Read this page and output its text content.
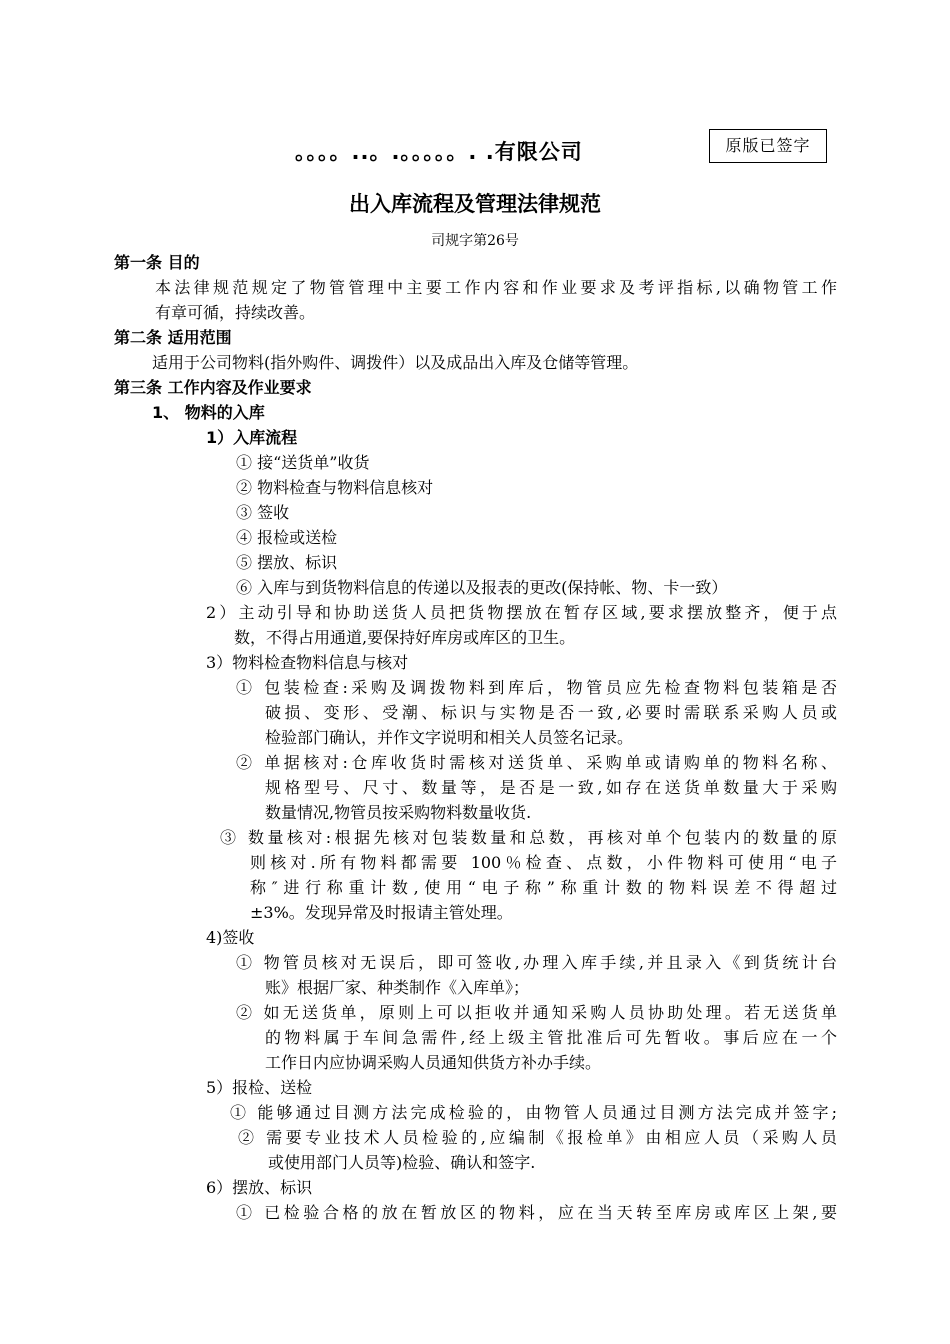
。。。。..。.。。。。。. .有限公司	原版已签字
出入库流程及管理法律规范
司规字第26号
第一条 目的
本法律规范规定了物管管理中主要工作内容和作业要求及考评指标,以确物管工作
有章可循，持续改善。
第二条 适用范围
适用于公司物料(指外购件、调拨件）以及成品出入库及仓储等管理。
第三条 工作内容及作业要求
1、 物料的入库
1）入库流程
① 接“送货单”收货
② 物料检查与物料信息核对
③ 签收
④ 报检或送检
⑤ 摆放、标识
⑥ 入库与到货物料信息的传递以及报表的更改(保持帐、物、卡一致）
2）主动引导和协助送货人员把货物摆放在暂存区域,要求摆放整齐，便于点
数，不得占用通道,要保持好库房或库区的卫生。
3）物料检查物料信息与核对
① 包装检查:采购及调拨物料到库后，物管员应先检查物料包装箱是否
破损、变形、受潮、标识与实物是否一致,必要时需联系采购人员或
检验部门确认，并作文字说明和相关人员签名记录。
② 单据核对:仓库收货时需核对送货单、采购单或请购单的物料名称、
规格型号、尺寸、数量等，是否是一致,如存在送货单数量大于采购
数量情况,物管员按采购物料数量收货.
③ 数量核对:根据先核对包装数量和总数，再核对单个包装内的数量的原
则核对.所有物料都需要 100％检查、点数，小件物料可使用“电子
称″进行称重计数,使用“电子称”称重计数的物料误差不得超过
±3%。发现异常及时报请主管处理。
4)签收
① 物管员核对无误后，即可签收,办理入库手续,并且录入《到货统计台
账》根据厂家、种类制作《入库单》；
② 如无送货单，原则上可以拒收并通知采购人员协助处理。若无送货单
的物料属于车间急需件,经上级主管批准后可先暂收。事后应在一个
工作日内应协调采购人员通知供货方补办手续。
5）报检、送检
① 能够通过目测方法完成检验的，由物管人员通过目测方法完成并签字;
② 需要专业技术人员检验的,应编制《报检单》由相应人员（采购人员
或使用部门人员等)检验、确认和签字.
6）摆放、标识
① 已检验合格的放在暂放区的物料，应在当天转至库房或库区上架,要
